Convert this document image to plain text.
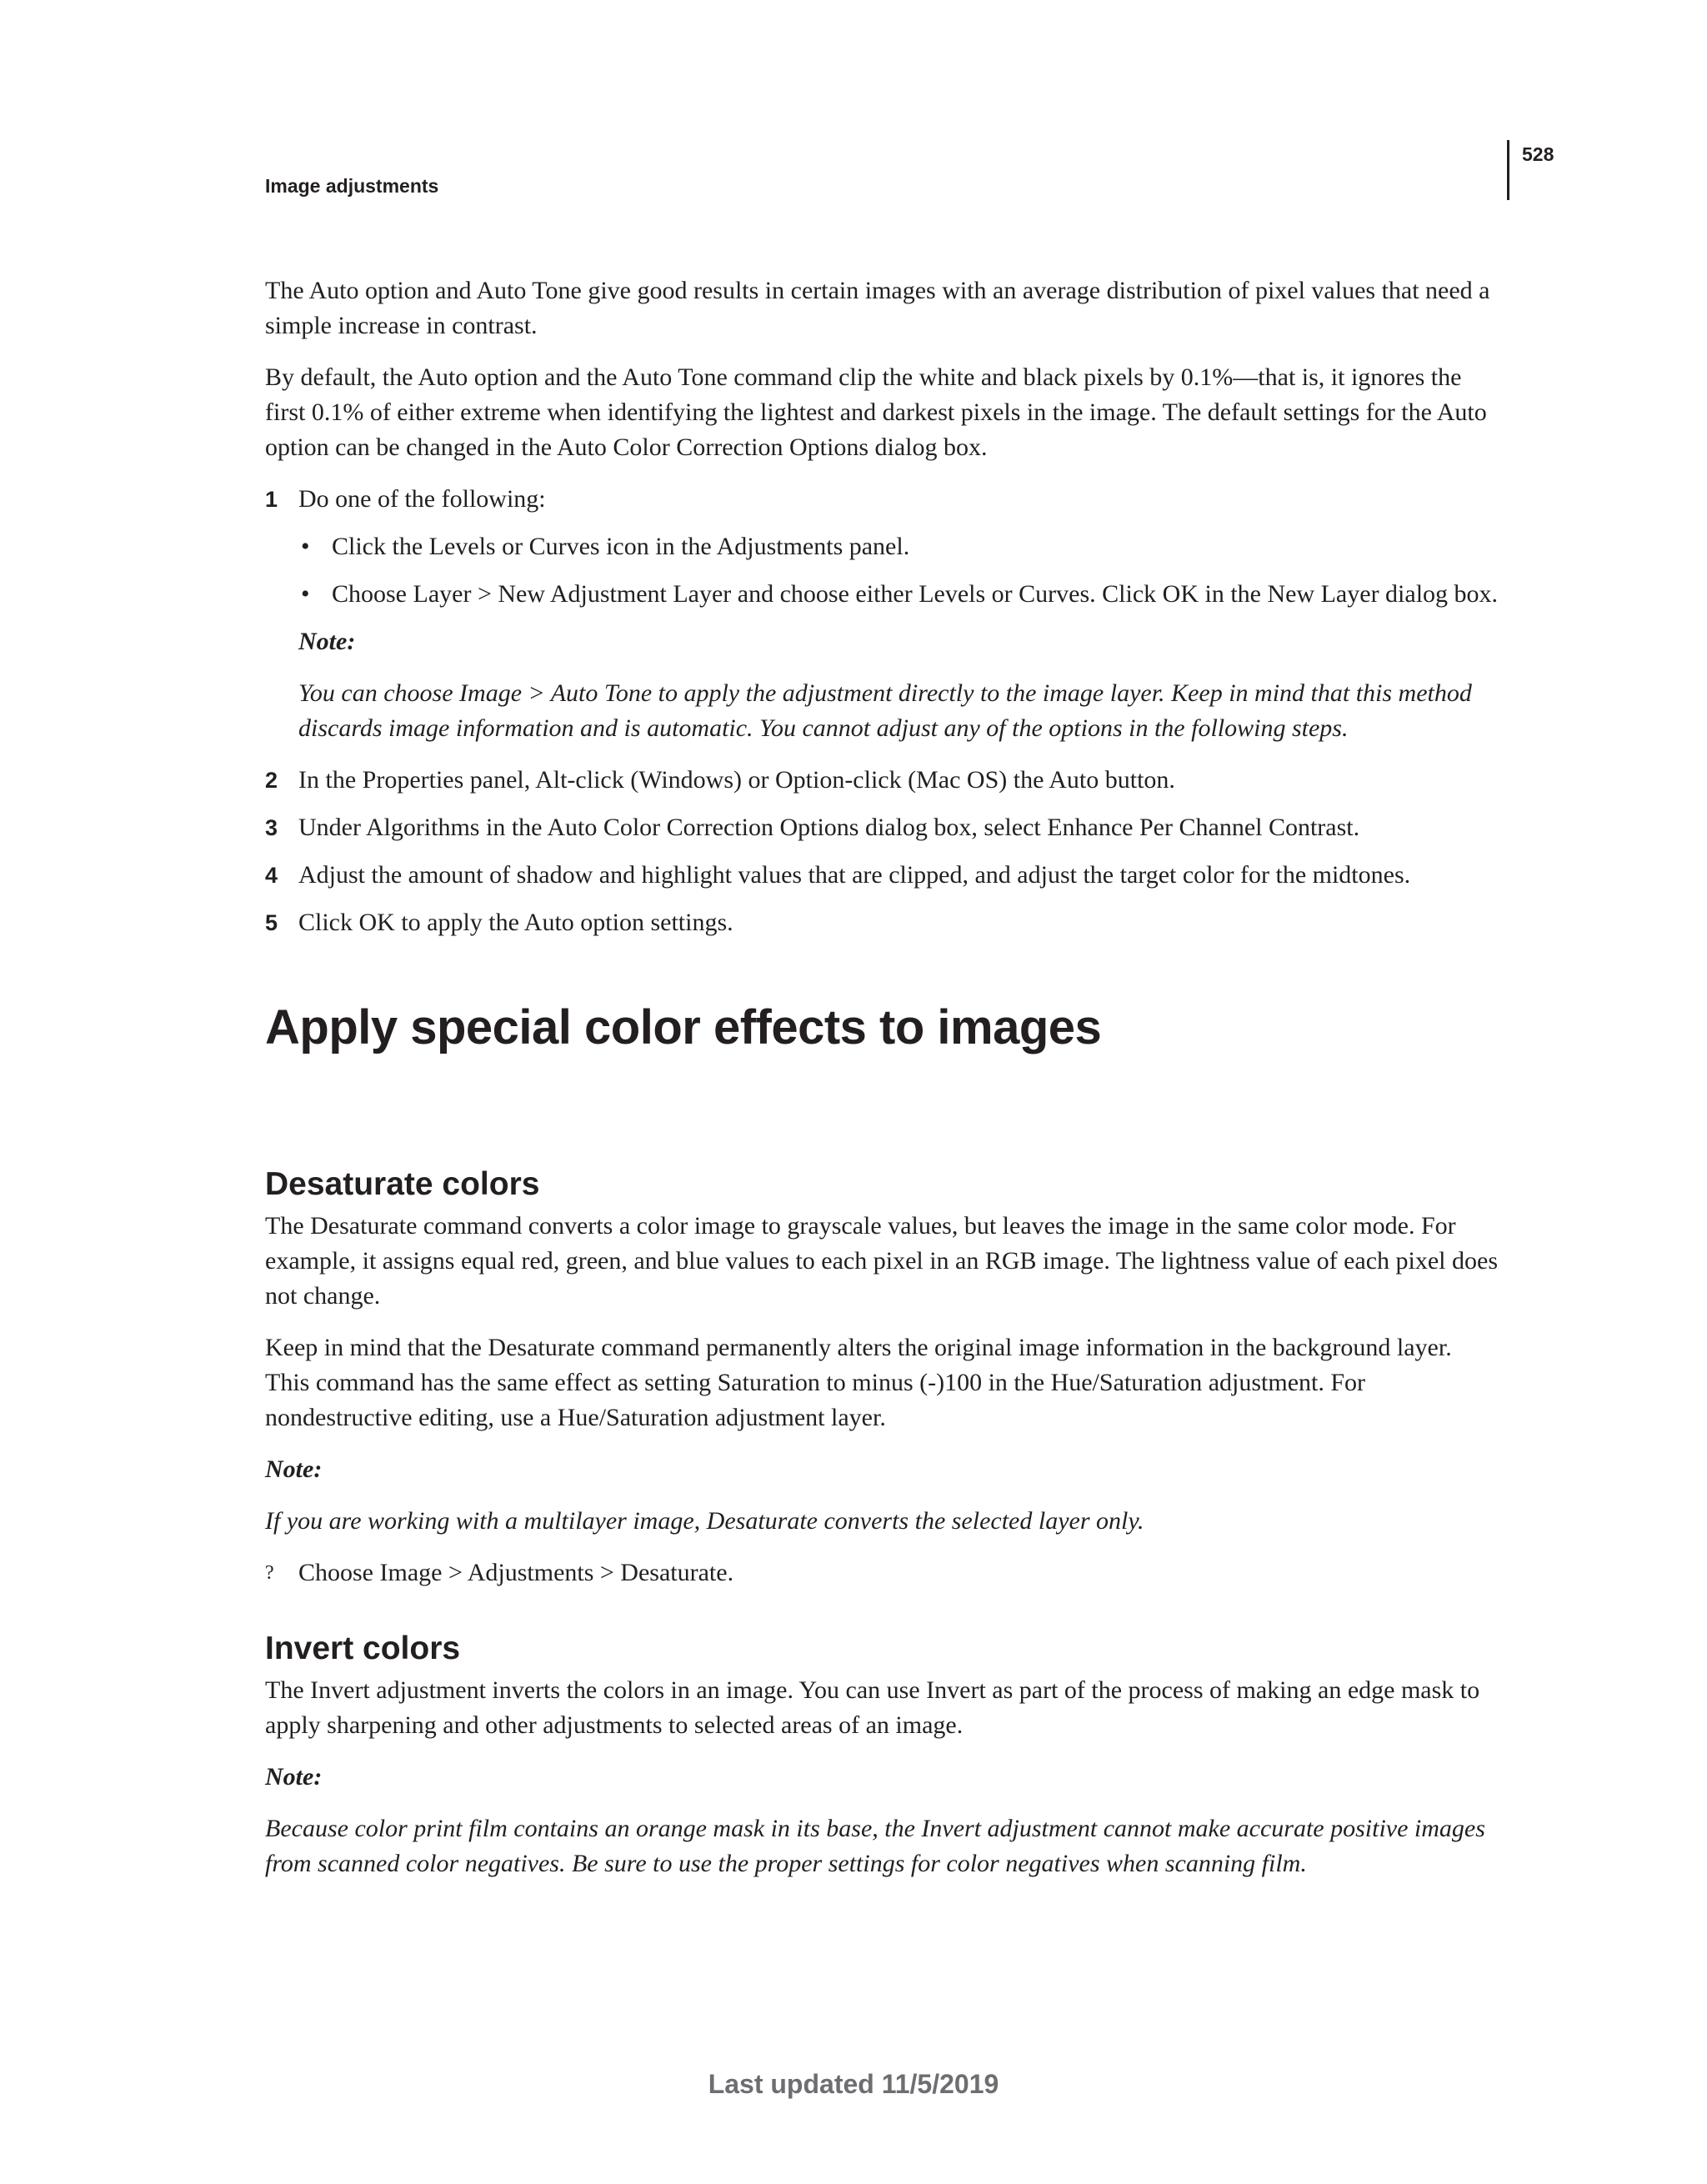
528
Image adjustments

The Auto option and Auto Tone give good results in certain images with an average distribution of pixel values that need a simple increase in contrast.

By default, the Auto option and the Auto Tone command clip the white and black pixels by 0.1%—that is, it ignores the first 0.1% of either extreme when identifying the lightest and darkest pixels in the image. The default settings for the Auto option can be changed in the Auto Color Correction Options dialog box.

1 Do one of the following:
• Click the Levels or Curves icon in the Adjustments panel.
• Choose Layer > New Adjustment Layer and choose either Levels or Curves. Click OK in the New Layer dialog box.

Note:

You can choose Image > Auto Tone to apply the adjustment directly to the image layer. Keep in mind that this method discards image information and is automatic. You cannot adjust any of the options in the following steps.

2 In the Properties panel, Alt-click (Windows) or Option-click (Mac OS) the Auto button.
3 Under Algorithms in the Auto Color Correction Options dialog box, select Enhance Per Channel Contrast.
4 Adjust the amount of shadow and highlight values that are clipped, and adjust the target color for the midtones.
5 Click OK to apply the Auto option settings.
Apply special color effects to images
Desaturate colors

The Desaturate command converts a color image to grayscale values, but leaves the image in the same color mode. For example, it assigns equal red, green, and blue values to each pixel in an RGB image. The lightness value of each pixel does not change.

Keep in mind that the Desaturate command permanently alters the original image information in the background layer. This command has the same effect as setting Saturation to minus (-)100 in the Hue/Saturation adjustment. For nondestructive editing, use a Hue/Saturation adjustment layer.

Note:

If you are working with a multilayer image, Desaturate converts the selected layer only.

? Choose Image > Adjustments > Desaturate.
Invert colors

The Invert adjustment inverts the colors in an image. You can use Invert as part of the process of making an edge mask to apply sharpening and other adjustments to selected areas of an image.

Note:

Because color print film contains an orange mask in its base, the Invert adjustment cannot make accurate positive images from scanned color negatives. Be sure to use the proper settings for color negatives when scanning film.

Last updated 11/5/2019
